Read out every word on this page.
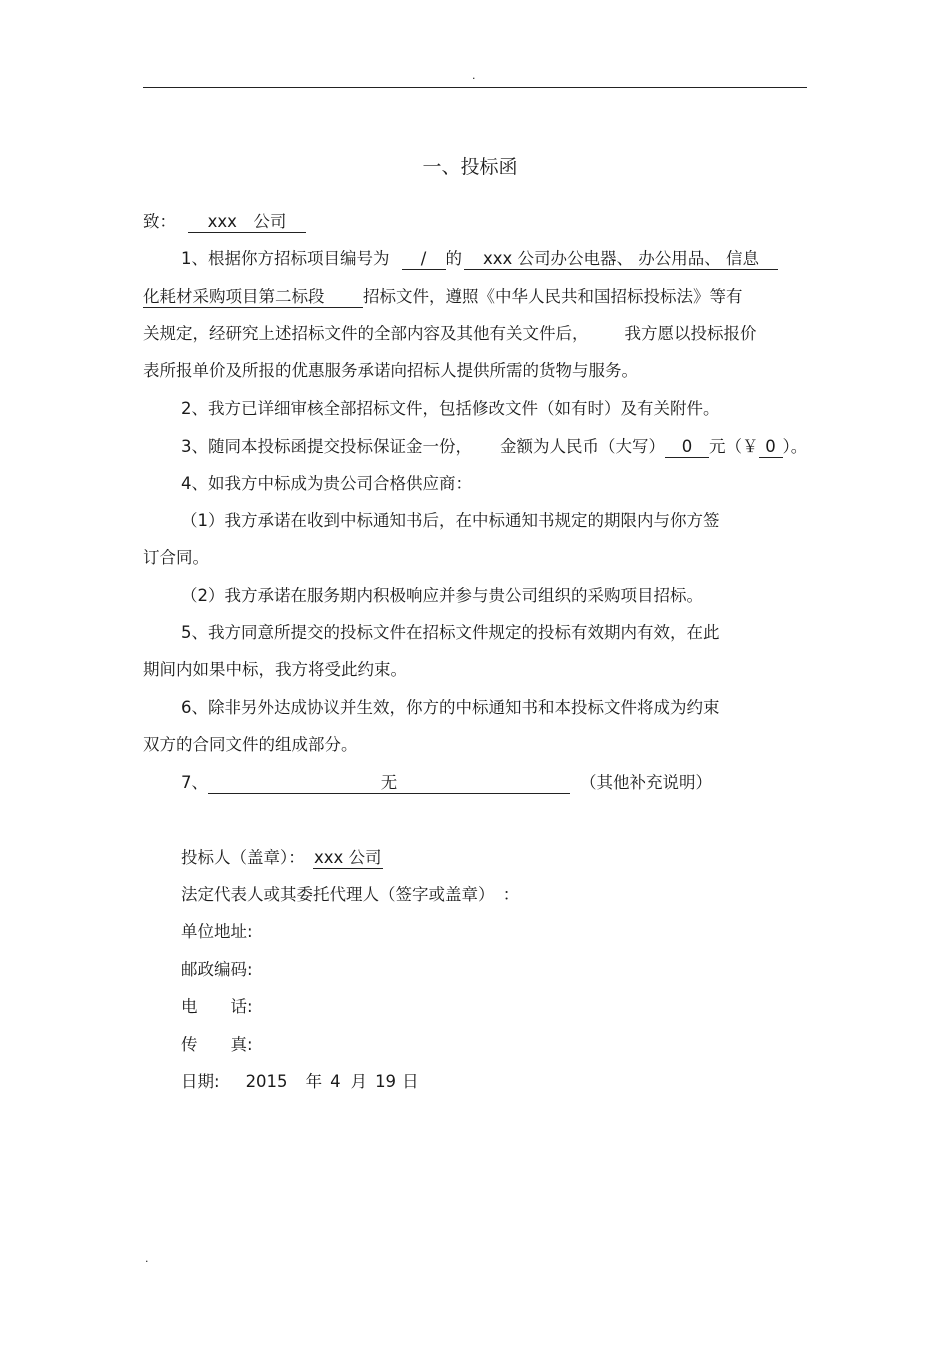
.
一、投标函
致： xxx　公司
1、根据你方招标项目编号为 / 的 xxx 公司办公电器、 办公用品、 信息
化耗材采购项目第二标段 招标文件，遵照《中华人民共和国招标投标法》等有
关规定，经研究上述招标文件的全部内容及其他有关文件后， 我方愿以投标报价
表所报单价及所报的优惠服务承诺向招标人提供所需的货物与服务。
2、我方已详细审核全部招标文件，包括修改文件（如有时）及有关附件。
3、随同本投标函提交投标保证金一份， 金额为人民币（大写） 0 元（￥ 0 ）。
4、如我方中标成为贵公司合格供应商：
（1）我方承诺在收到中标通知书后，在中标通知书规定的期限内与你方签
订合同。
（2）我方承诺在服务期内积极响应并参与贵公司组织的采购项目招标。
5、我方同意所提交的投标文件在招标文件规定的投标有效期内有效，在此
期间内如果中标，我方将受此约束。
6、除非另外达成协议并生效，你方的中标通知书和本投标文件将成为约束
双方的合同文件的组成部分。
7、	无	（其他补充说明）
投标人（盖章）： xxx 公司
法定代表人或其委托代理人（签字或盖章）　：
单位地址:
邮政编码:
电　　话:
传　　真:
日期: 2015 年 4 月 19 日
.
